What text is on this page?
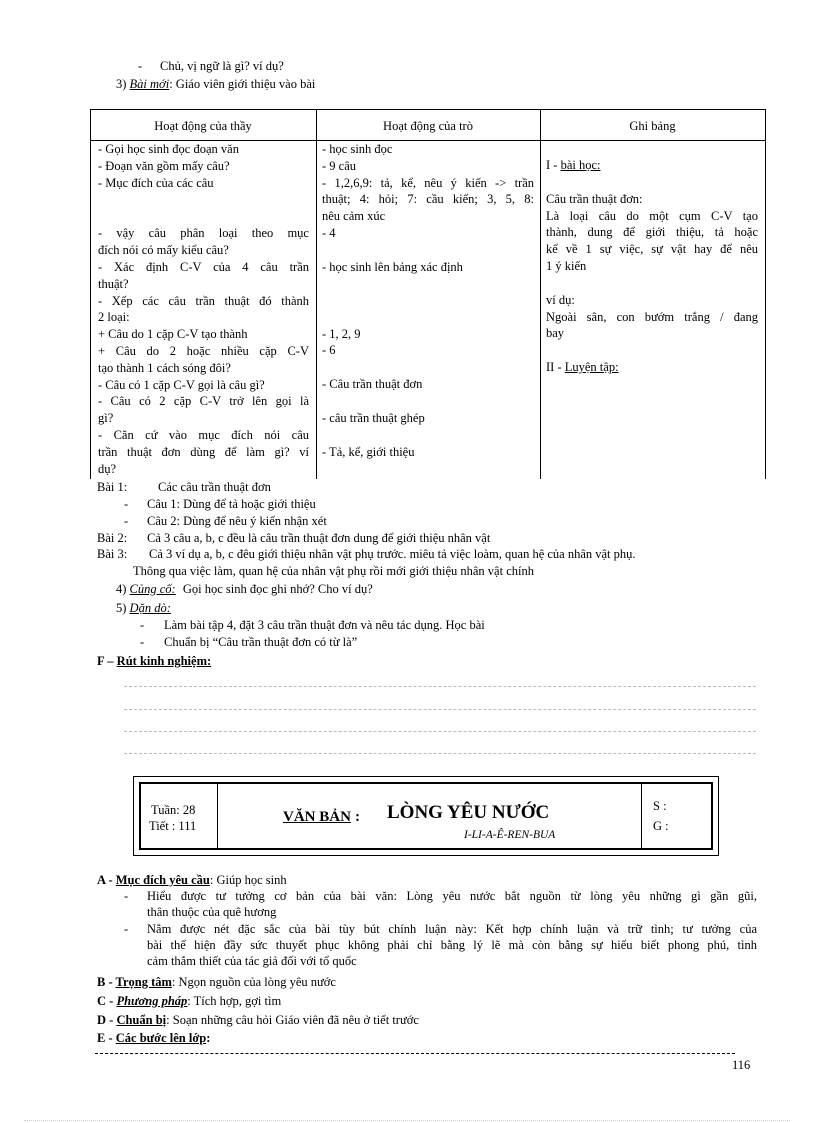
- Chủ, vị ngữ là gì? ví dụ?
3) Bài mới: Giáo viên giới thiệu vào bài
Hoạt động của thầy	Hoạt động của trò	Ghi bảng
- Gọi học sinh đọc đoạn văn
- Đoạn văn gồm mấy câu?
- Mục đích của các câu
- vậy câu phân loại theo mục
đích nói có mấy kiểu câu?
- Xác định C-V của 4 câu trần
thuật?
- Xếp các câu trần thuật đó thành
2 loại:
+ Câu do 1 cặp C-V tạo thành
+ Câu do 2 hoặc nhiều cặp C-V
tạo thành 1 cách sóng đôi?
- Câu có 1 cặp C-V gọi là câu gì?
- Câu có 2 cặp C-V trở lên gọi là
gì?
- Căn cứ vào mục đích nói câu
trần thuật đơn dùng để làm gì? ví
dụ?
- học sinh đọc
- 9 câu
- 1,2,6,9: tả, kể, nêu ý kiến -> trần
thuật; 4: hỏi; 7: cầu kiến; 3, 5, 8:
nêu cảm xúc
- 4
- học sinh lên bảng xác định
- 1, 2, 9
- 6
- Câu trần thuật đơn
- câu trần thuật ghép
- Tả, kể, giới thiệu
I - bài học:
Câu trần thuật đơn:
Là loại câu do một cụm C-V tạo
thành, dung để giới thiệu, tả hoặc
kể về 1 sự việc, sự vật hay để nêu
1 ý kiến
ví dụ:
Ngoài sân, con bướm trắng / đang
bay
II - Luyện tập:
Bài 1: Các câu trần thuật đơn
- Câu 1: Dùng để tả hoặc giới thiệu
- Câu 2: Dùng để nêu ý kiến nhận xét
Bài 2: Cả 3 câu a, b, c đều là câu trần thuật đơn dung để giới thiệu nhân vật
Bài 3: Cả 3 ví dụ a, b, c đêu giới thiệu nhân vật phụ trước. miêu tả việc loàm, quan hệ của nhân vật phụ.
Thông qua việc làm, quan hệ của nhân vật phụ rồi mới giới thiệu nhân vật chính
4) Củng cố: Gọi học sinh đọc ghi nhớ? Cho ví dụ?
5) Dặn dò:
- Làm bài tập 4, đặt 3 câu trần thuật đơn và nêu tác dụng. Học bài
- Chuẩn bị “Câu trần thuật đơn có từ là”
F – Rút kinh nghiệm:
Tuần: 28
Tiết : 111
VĂN BẢN : LÒNG YÊU NƯỚC
I-LI-A-Ê-REN-BUA
S :
G :
A - Mục đích yêu cầu: Giúp học sinh
- Hiểu được tư tưởng cơ bản của bài văn: Lòng yêu nước bắt nguồn từ lòng yêu những gì gần gũi,
thân thuộc của quê hương
- Nắm được nét đặc sắc của bài tùy bút chính luận này: Kết hợp chính luận và trữ tình; tư tưởng của
bài thể hiện đầy sức thuyết phục không phải chỉ bằng lý lẽ mà còn bằng sự hiểu biết phong phú, tình
cảm thắm thiết của tác giả đối với tổ quốc
B - Trọng tâm: Ngọn nguồn của lòng yêu nước
C - Phương pháp: Tích hợp, gợi tìm
D - Chuẩn bị: Soạn những câu hỏi Giáo viên đã nêu ở tiết trước
E - Các bước lên lớp:
116
